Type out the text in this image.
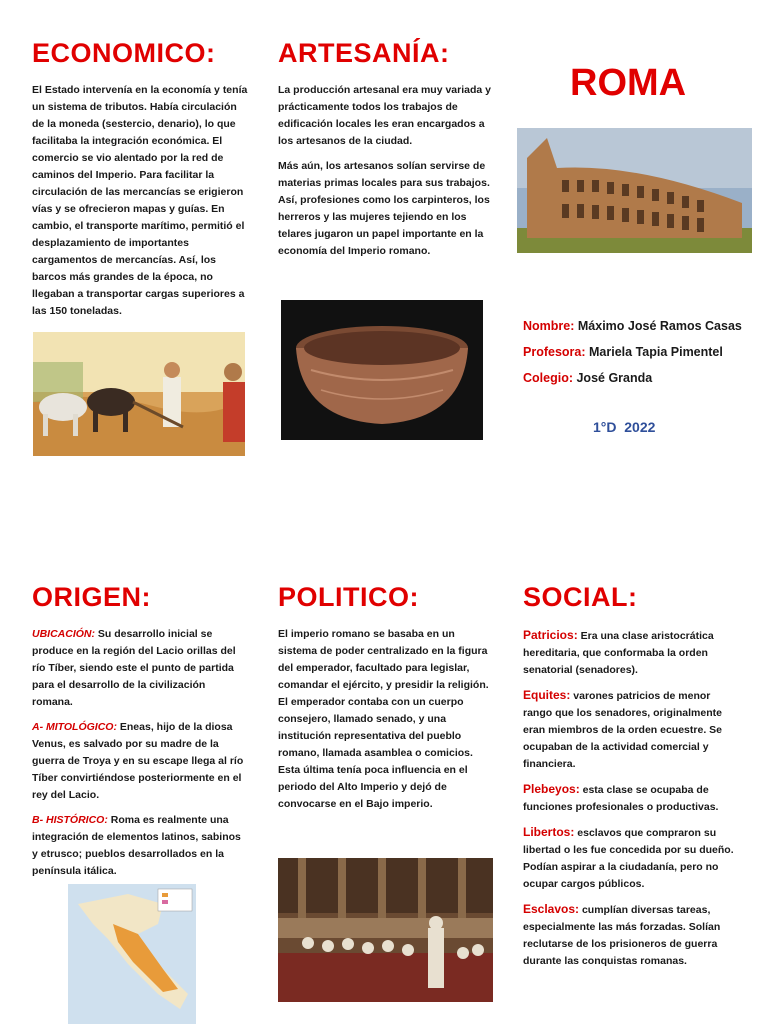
ECONOMICO:
El Estado intervenía en la economía y tenía un sistema de tributos. Había circulación de la moneda (sestercio, denario), lo que facilitaba la integración económica. El comercio se vio alentado por la red de caminos del Imperio. Para facilitar la circulación de las mercancías se erigieron vías y se ofrecieron mapas y guías. En cambio, el transporte marítimo, permitió el desplazamiento de importantes cargamentos de mercancías. Así, los barcos más grandes de la época, no llegaban a transportar cargas superiores a las 150 toneladas.
ARTESANÍA:

La producción artesanal era muy variada y prácticamente todos los trabajos de edificación locales les eran encargados a los artesanos de la ciudad.

Más aún, los artesanos solían servirse de materias primas locales para sus trabajos. Así, profesiones como los carpinteros, los herreros y las mujeres tejiendo en los telares jugaron un papel importante en la economía del Imperio romano.

ROMA
Nombre: Máximo José Ramos Casas
Profesora: Mariela Tapia Pimentel
Colegio: José Granda
1°D  2022
ORIGEN:

UBICACIÓN: Su desarrollo inicial se produce en la región del Lacio orillas del río Tíber, siendo este el punto de partida para el desarrollo de la civilización romana.

A- MITOLÓGICO: Eneas, hijo de la diosa Venus, es salvado por su madre de la guerra de Troya y en su escape llega al río Tíber convirtiéndose posteriormente en el rey del Lacio.

B- HISTÓRICO: Roma es realmente una integración de elementos latinos, sabinos y etrusco; pueblos desarrollados en la península itálica.

POLITICO:
El imperio romano se basaba en un sistema de poder centralizado en la figura del emperador, facultado para legislar, comandar el ejército, y presidir la religión. El emperador contaba con un cuerpo consejero, llamado senado, y una institución representativa del pueblo romano, llamada asamblea o comicios. Esta última tenía poca influencia en el periodo del Alto Imperio y dejó de convocarse en el Bajo imperio.
SOCIAL:

Patricios: Era una clase aristocrática hereditaria, que conformaba la orden senatorial (senadores).

Equites: varones patricios de menor rango que los senadores, originalmente eran miembros de la orden ecuestre. Se ocupaban de la actividad comercial y financiera.

Plebeyos: esta clase se ocupaba de funciones profesionales o productivas.

Libertos: esclavos que compraron su libertad o les fue concedida por su dueño. Podían aspirar a la ciudadanía, pero no ocupar cargos públicos.

Esclavos: cumplían diversas tareas, especialmente las más forzadas. Solían reclutarse de los prisioneros de guerra durante las conquistas romanas.
